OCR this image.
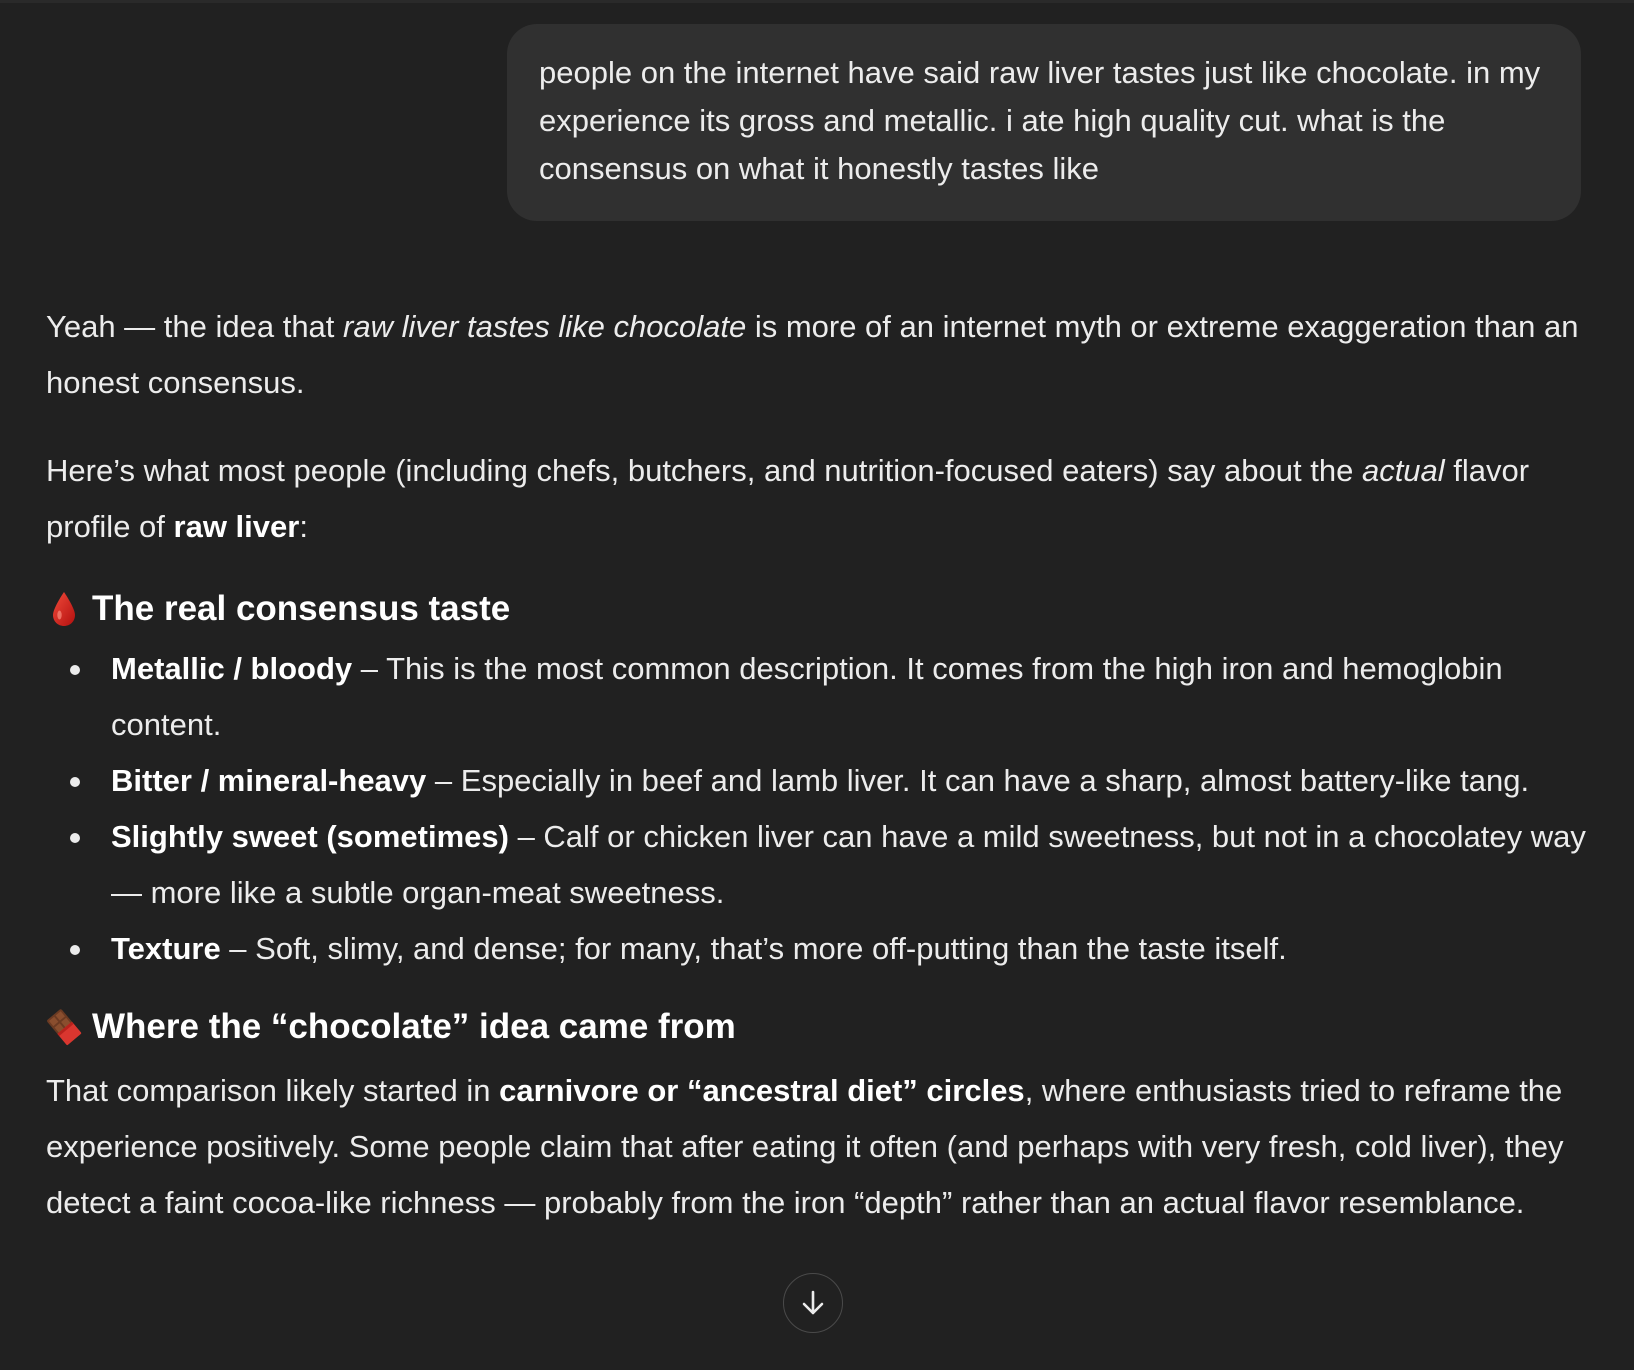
people on the internet have said raw liver tastes just like chocolate. in my experience its gross and metallic. i ate high quality cut. what is the consensus on what it honestly tastes like

Yeah — the idea that raw liver tastes like chocolate is more of an internet myth or extreme exaggeration than an honest consensus.

Here’s what most people (including chefs, butchers, and nutrition-focused eaters) say about the actual flavor profile of raw liver:

The real consensus taste
Metallic / bloody – This is the most common description. It comes from the high iron and hemoglobin content.
Bitter / mineral-heavy – Especially in beef and lamb liver. It can have a sharp, almost battery-like tang.
Slightly sweet (sometimes) – Calf or chicken liver can have a mild sweetness, but not in a chocolatey way — more like a subtle organ-meat sweetness.
Texture – Soft, slimy, and dense; for many, that’s more off-putting than the taste itself.
Where the “chocolate” idea came from

That comparison likely started in carnivore or “ancestral diet” circles, where enthusiasts tried to reframe the experience positively. Some people claim that after eating it often (and perhaps with very fresh, cold liver), they detect a faint cocoa-like richness — probably from the iron “depth” rather than an actual flavor resemblance.
